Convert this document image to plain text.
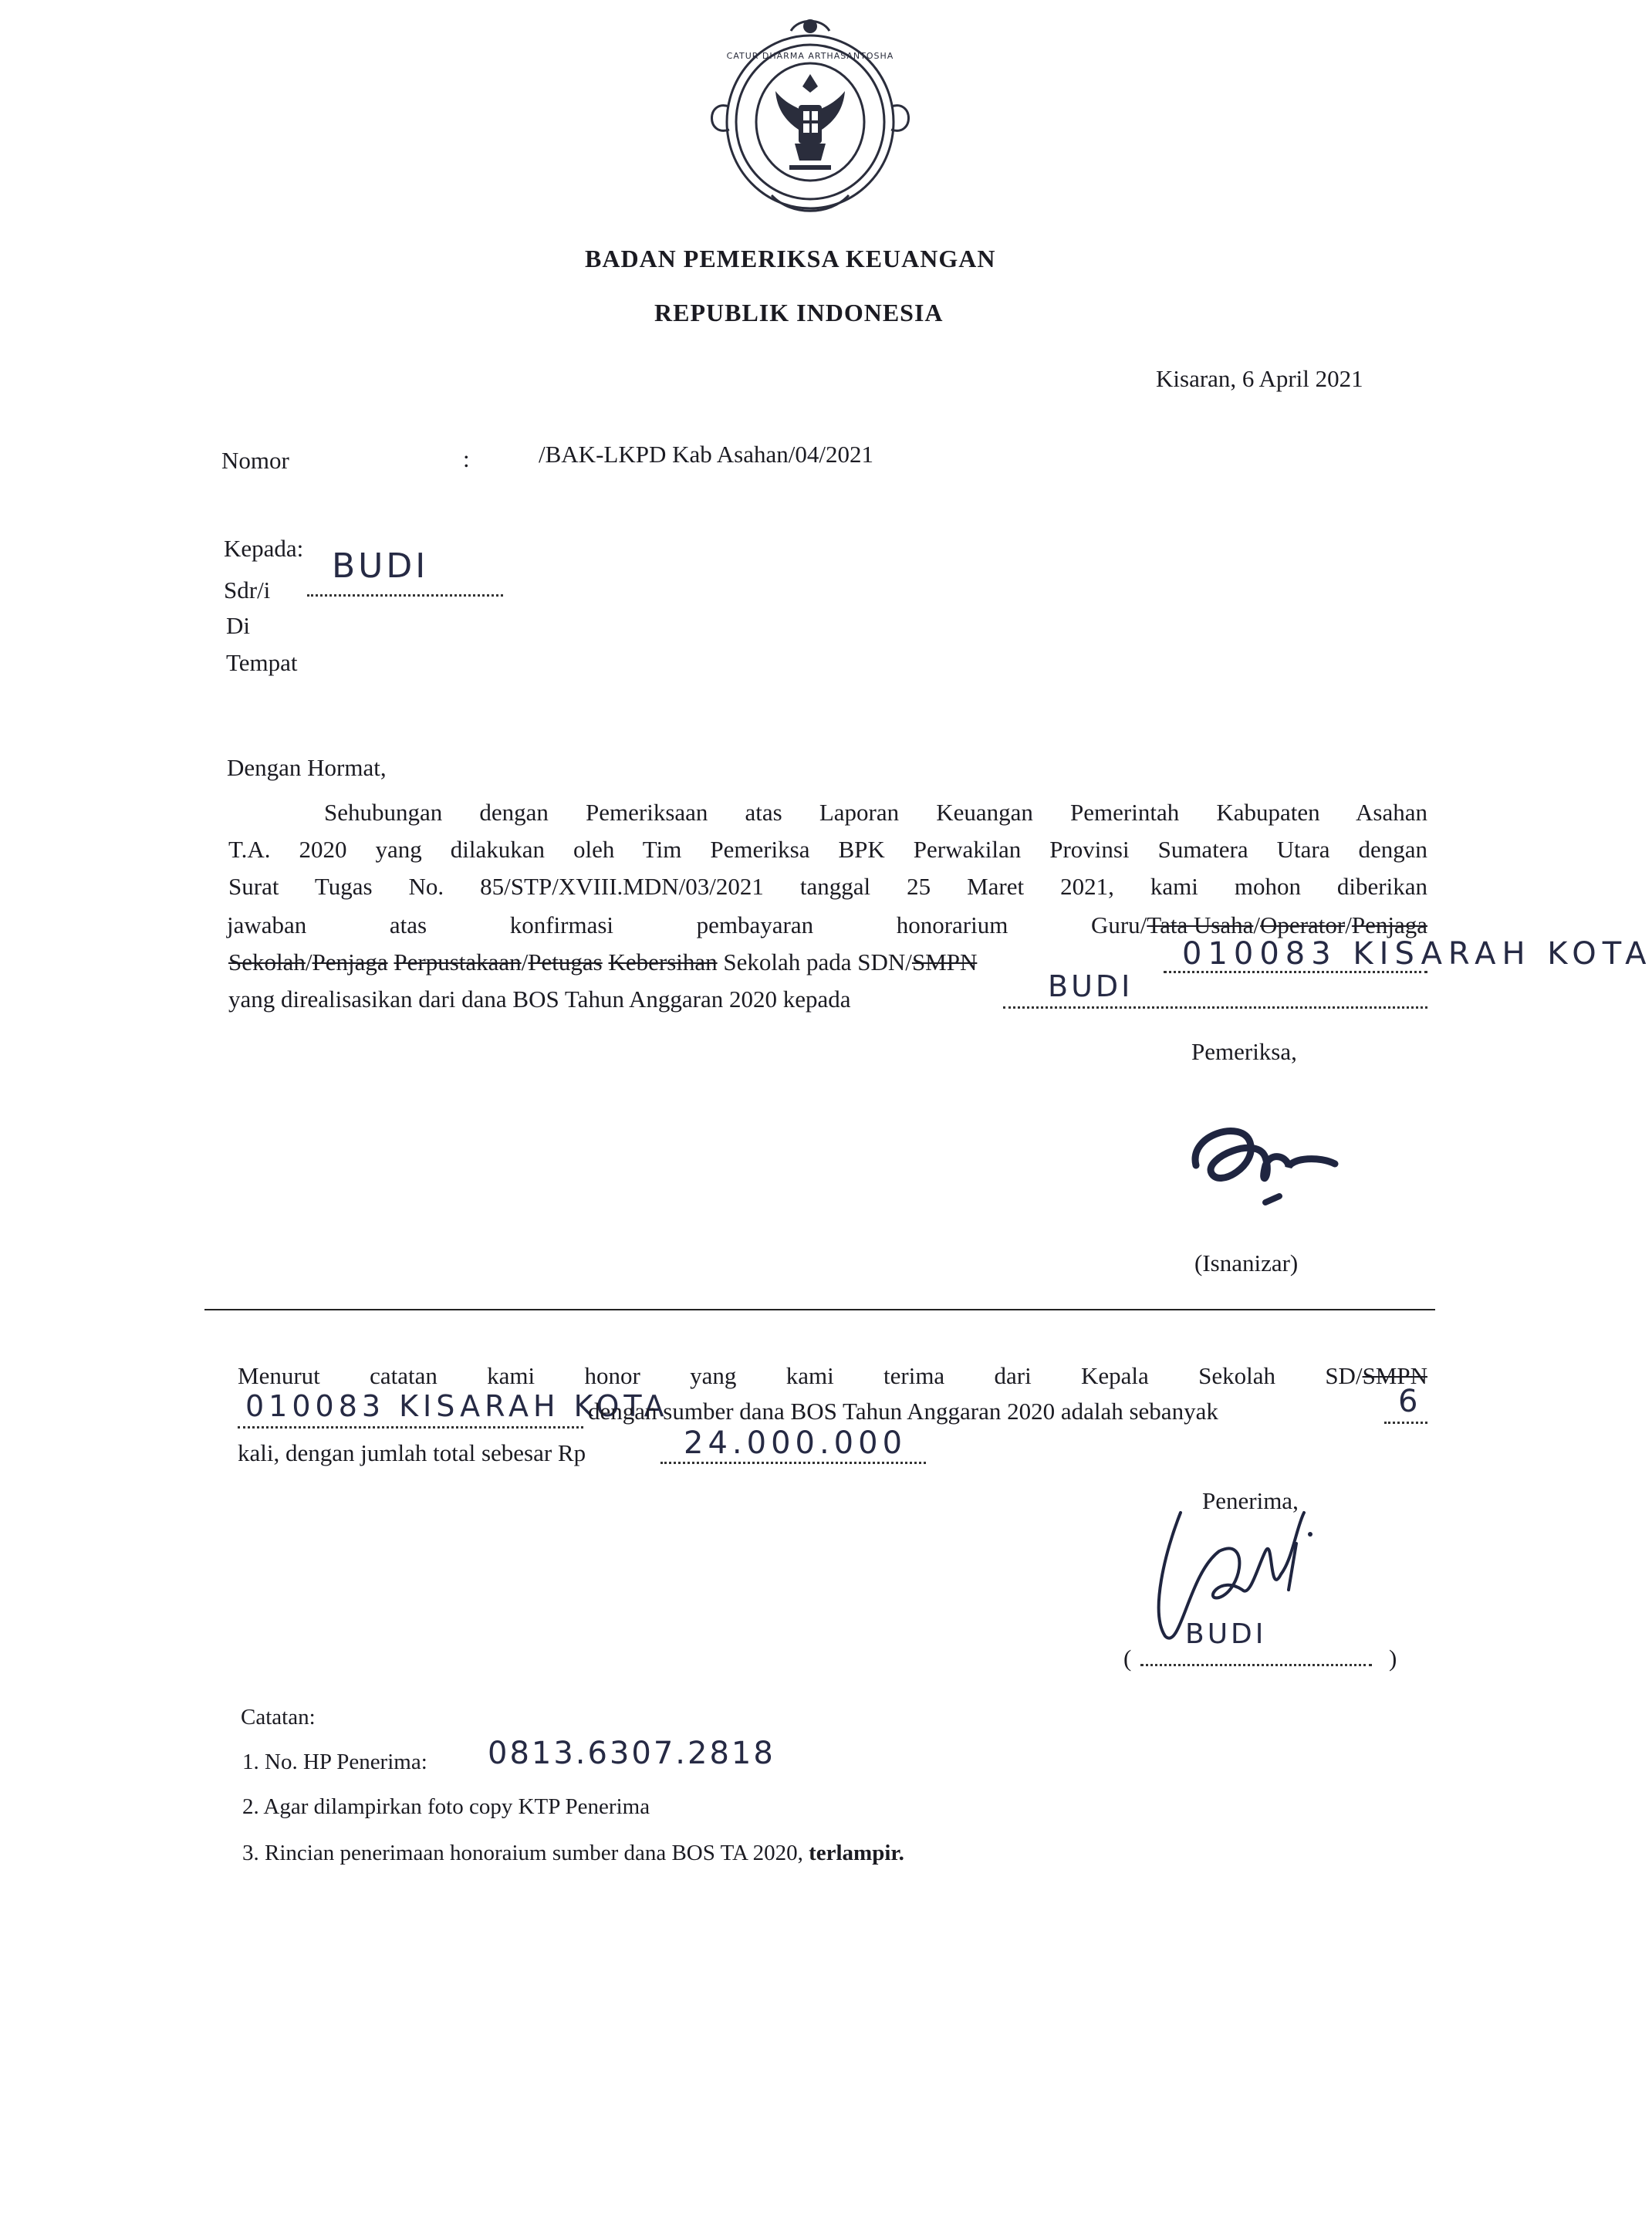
CATUR DHARMA ARTHASANTOSHA
BADAN PEMERIKSA KEUANGAN
REPUBLIK INDONESIA
Kisaran, 6 April 2021
Nomor	:	/BAK-LKPD Kab Asahan/04/2021
Kepada:
Sdr/i
BUDI
Di
Tempat
Dengan Hormat,
Sehubungan dengan Pemeriksaan atas Laporan Keuangan Pemerintah Kabupaten Asahan
T.A. 2020 yang dilakukan oleh Tim Pemeriksa BPK Perwakilan Provinsi Sumatera Utara dengan
Surat Tugas No. 85/STP/XVIII.MDN/03/2021 tanggal 25 Maret 2021, kami mohon diberikan
jawaban	atas	konfirmasi	pembayaran	honorarium	Guru/Tata Usaha/Operator/Penjaga
Sekolah/Penjaga Perpustakaan/Petugas Kebersihan Sekolah pada SDN/SMPN	010083 KISARAH KOTA
yang direalisasikan dari dana BOS Tahun Anggaran 2020 kepada	BUDI
Pemeriksa,
(Isnanizar)
Menurut catatan kami honor yang kami terima dari Kepala Sekolah SD/SMPN
010083 KISARAH KOTA
dengan sumber dana BOS Tahun Anggaran 2020 adalah sebanyak	6
kali, dengan jumlah total sebesar Rp	24.000.000
Penerima,
BUDI
(	)
Catatan:
1. No. HP Penerima: 0813.6307.2818
2. Agar dilampirkan foto copy KTP Penerima
3. Rincian penerimaan honoraium sumber dana BOS TA 2020, terlampir.
